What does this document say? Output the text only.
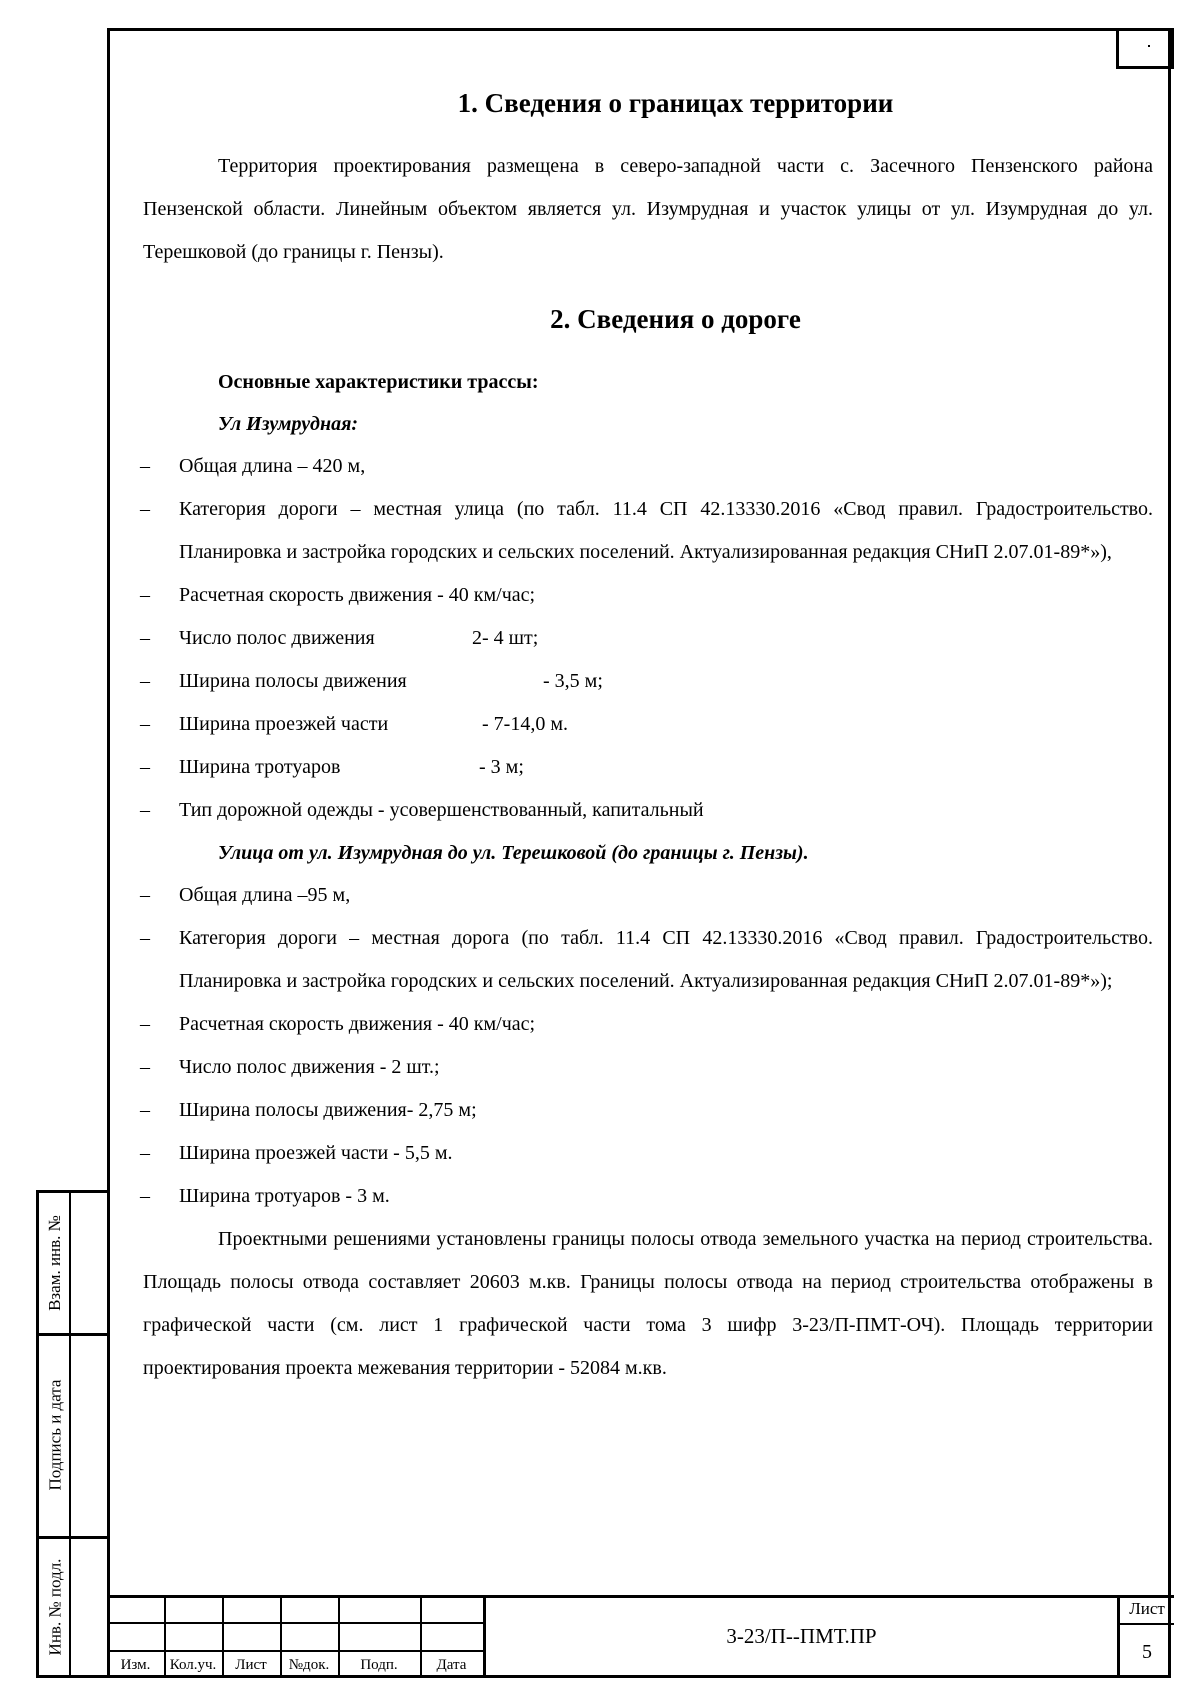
Взам. инв. №
Подпись и дата
Инв. № подл.
1. Сведения о границах территории

Территория проектирования размещена в северо-западной части с. Засечного Пензенского района Пензенской области. Линейным объектом является ул. Изумрудная и участок улицы от ул. Изумрудная до ул. Терешковой (до границы г. Пензы).

2. Сведения о дороге

Основные характеристики трассы:

Ул Изумрудная:

– Общая длина – 420 м,
– Категория дороги – местная улица (по табл. 11.4 СП 42.13330.2016 «Свод правил. Градостроительство. Планировка и застройка городских и сельских поселений. Актуализированная редакция СНиП 2.07.01-89*»),
– Расчетная скорость движения - 40 км/час;
– Число полос движения	2- 4 шт;
– Ширина полосы движения	- 3,5 м;
– Ширина проезжей части	- 7-14,0 м.
– Ширина тротуаров	- 3 м;
– Тип дорожной одежды - усовершенствованный, капитальный

Улица от ул. Изумрудная до ул. Терешковой (до границы г. Пензы).

– Общая длина –95 м,
– Категория дороги – местная дорога (по табл. 11.4 СП 42.13330.2016 «Свод правил. Градостроительство. Планировка и застройка городских и сельских поселений. Актуализированная редакция СНиП 2.07.01-89*»);
– Расчетная скорость движения - 40 км/час;
– Число полос движения - 2 шт.;
– Ширина полосы движения- 2,75 м;
– Ширина проезжей части - 5,5 м.
– Ширина тротуаров - 3 м.

Проектными решениями установлены границы полосы отвода земельного участка на период строительства. Площадь полосы отвода составляет 20603 м.кв. Границы полосы отвода на период строительства отображены в графической части (см. лист 1 графической части тома 3 шифр 3-23/П-ПМТ-ОЧ). Площадь территории проектирования проекта межевания территории - 52084 м.кв.

Изм.	Кол.уч.	Лист	№док.	Подп.	Дата
3-23/П--ПМТ.ПР
Лист
5
